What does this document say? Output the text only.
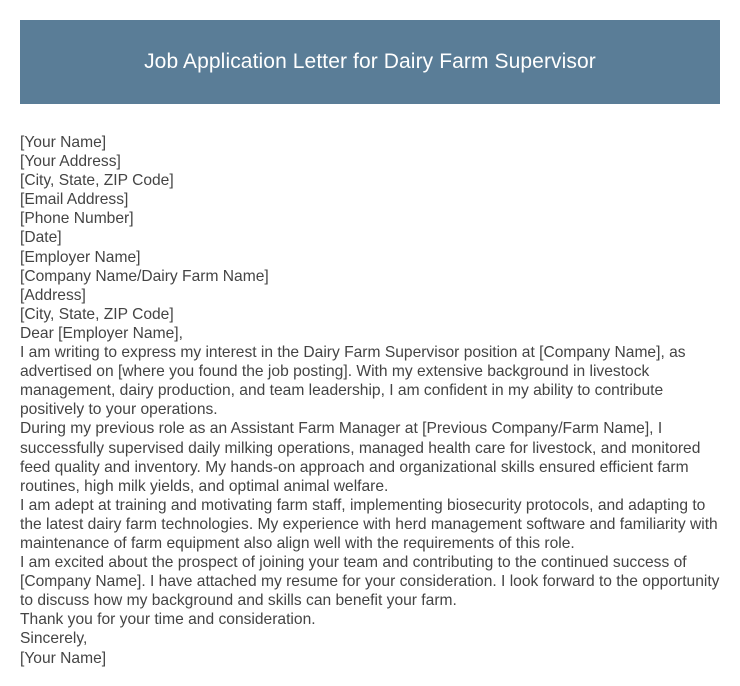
Job Application Letter for Dairy Farm Supervisor
[Your Name]
[Your Address]
[City, State, ZIP Code]
[Email Address]
[Phone Number]
[Date]
[Employer Name]
[Company Name/Dairy Farm Name]
[Address]
[City, State, ZIP Code]
Dear [Employer Name],
I am writing to express my interest in the Dairy Farm Supervisor position at [Company Name], as advertised on [where you found the job posting]. With my extensive background in livestock management, dairy production, and team leadership, I am confident in my ability to contribute positively to your operations.
During my previous role as an Assistant Farm Manager at [Previous Company/Farm Name], I successfully supervised daily milking operations, managed health care for livestock, and monitored feed quality and inventory. My hands-on approach and organizational skills ensured efficient farm routines, high milk yields, and optimal animal welfare.
I am adept at training and motivating farm staff, implementing biosecurity protocols, and adapting to the latest dairy farm technologies. My experience with herd management software and familiarity with maintenance of farm equipment also align well with the requirements of this role.
I am excited about the prospect of joining your team and contributing to the continued success of [Company Name]. I have attached my resume for your consideration. I look forward to the opportunity to discuss how my background and skills can benefit your farm.
Thank you for your time and consideration.
Sincerely,
[Your Name]
